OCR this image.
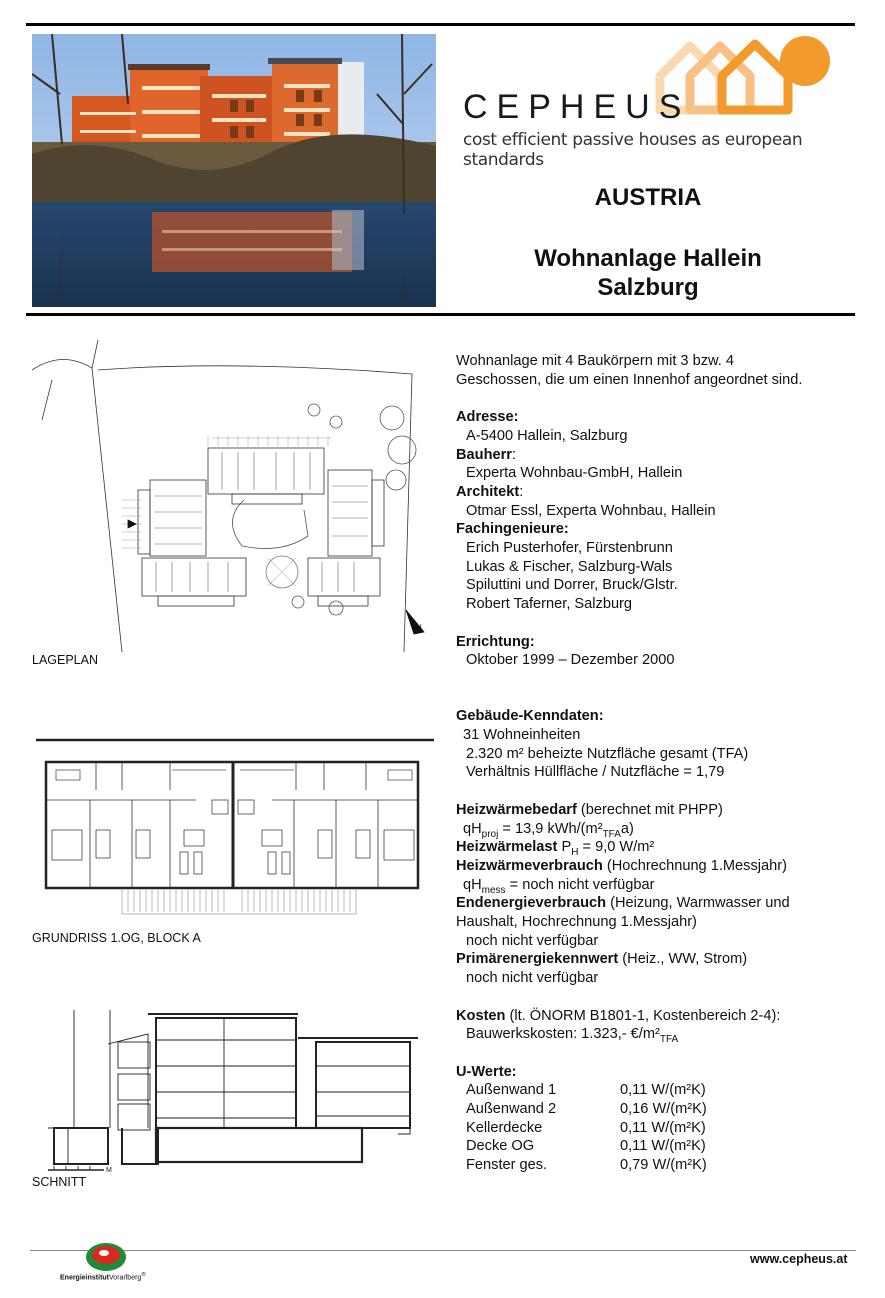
CEPHEUS
cost efficient passive houses as european standards
AUSTRIA
Wohnanlage Hallein
Salzburg
N
LAGEPLAN
GRUNDRISS 1.OG, BLOCK A
M
SCHNITT
Wohnanlage mit 4 Baukörpern mit 3 bzw. 4
Geschossen, die um einen Innenhof angeordnet sind.
Adresse:
A-5400 Hallein, Salzburg
Bauherr:
Experta Wohnbau-GmbH, Hallein
Architekt:
Otmar Essl, Experta Wohnbau, Hallein
Fachingenieure:
Erich Pusterhofer, Fürstenbrunn
Lukas & Fischer, Salzburg-Wals
Spiluttini und Dorrer, Bruck/Glstr.
Robert Taferner, Salzburg
Errichtung:
Oktober 1999 – Dezember 2000
Gebäude-Kenndaten:
31 Wohneinheiten
2.320 m² beheizte Nutzfläche gesamt (TFA)
Verhältnis Hüllfläche / Nutzfläche = 1,79
Heizwärmebedarf (berechnet mit PHPP)
$qH_{proj} = 13,9$ kWh/$(m^2_{TFA}a)$
Heizwärmelast $P_H = 9,0$ W/m²
Heizwärmeverbrauch (Hochrechnung 1.Messjahr)
$qH_{mess}$ = noch nicht verfügbar
Endenergieverbrauch (Heizung, Warmwasser und
Haushalt, Hochrechnung 1.Messjahr)
noch nicht verfügbar
Primärenergiekennwert (Heiz., WW, Strom)
noch nicht verfügbar
Kosten (lt. ÖNORM B1801-1, Kostenbereich 2-4):
Bauwerkskosten: 1.323,- $€/m^2_{TFA}$
U-Werte:
Außenwand 1	0,11 W/(m²K)
Außenwand 2	0,16 W/(m²K)
Kellerdecke	0,11 W/(m²K)
Decke OG	0,11 W/(m²K)
Fenster ges.	0,79 W/(m²K)
EnergieinstitutVorarlberg®
www.cepheus.at
